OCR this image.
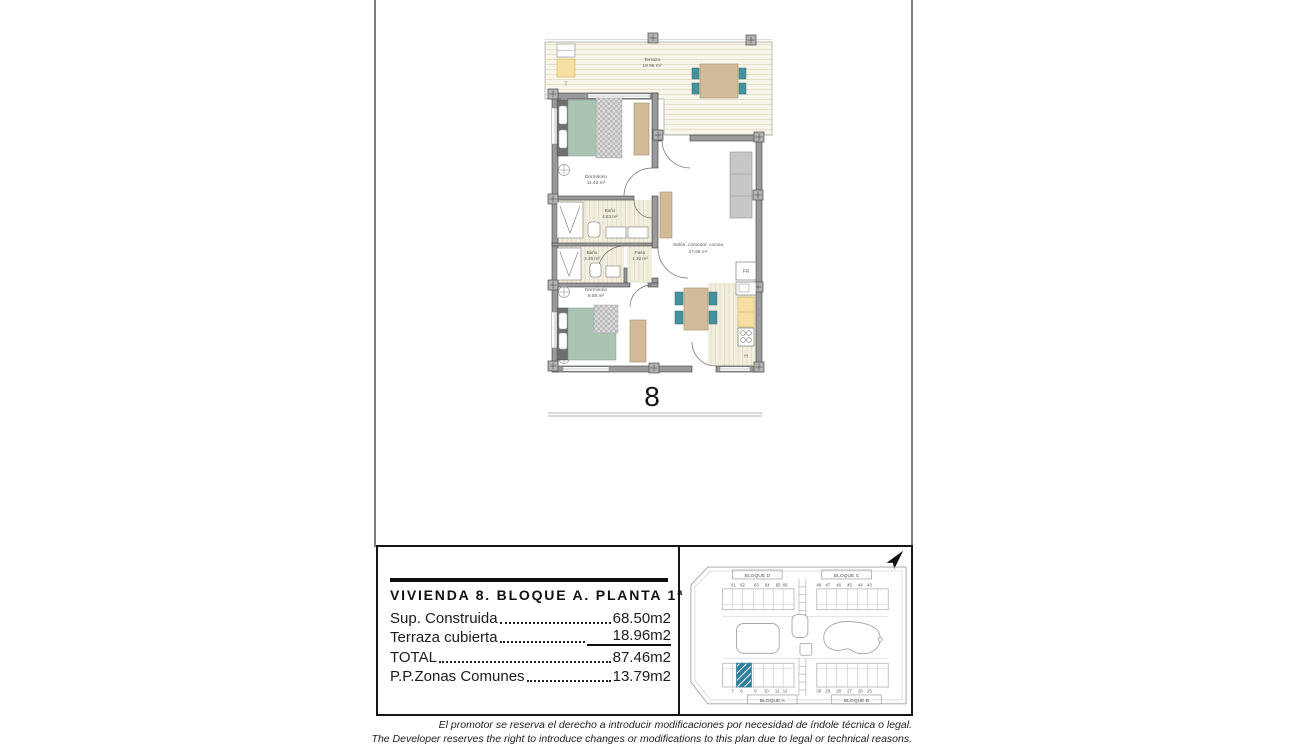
T
Terraza
18.96 m²
Dormitorio
11.42 m²
Baño
4.63 m²
Baño
3.36 m²
Paso
1.32 m²
Dormitorio
9.58 m²
FR
H
Salón, comedor, cocina
27.68 m²
8
VIVIENDA 8. BLOQUE A. PLANTA 1ª
Sup. Construida	68.50m2
Terraza cubierta	18.96m2
TOTAL	87.46m2
P.P.Zonas Comunes	13.79m2
BLOQUE D
61 62 63 64 65 66
BLOQUE C
48 47 46 45 44 43
7 8	9 10 11 12
BLOQUE A
30 29 28 27 26 25
BLOQUE B
El promotor se reserva el derecho a introducir modificaciones por necesidad de índole técnica o legal.
The Developer reserves the right to introduce changes or modifications to this plan due to legal or technical reasons.
